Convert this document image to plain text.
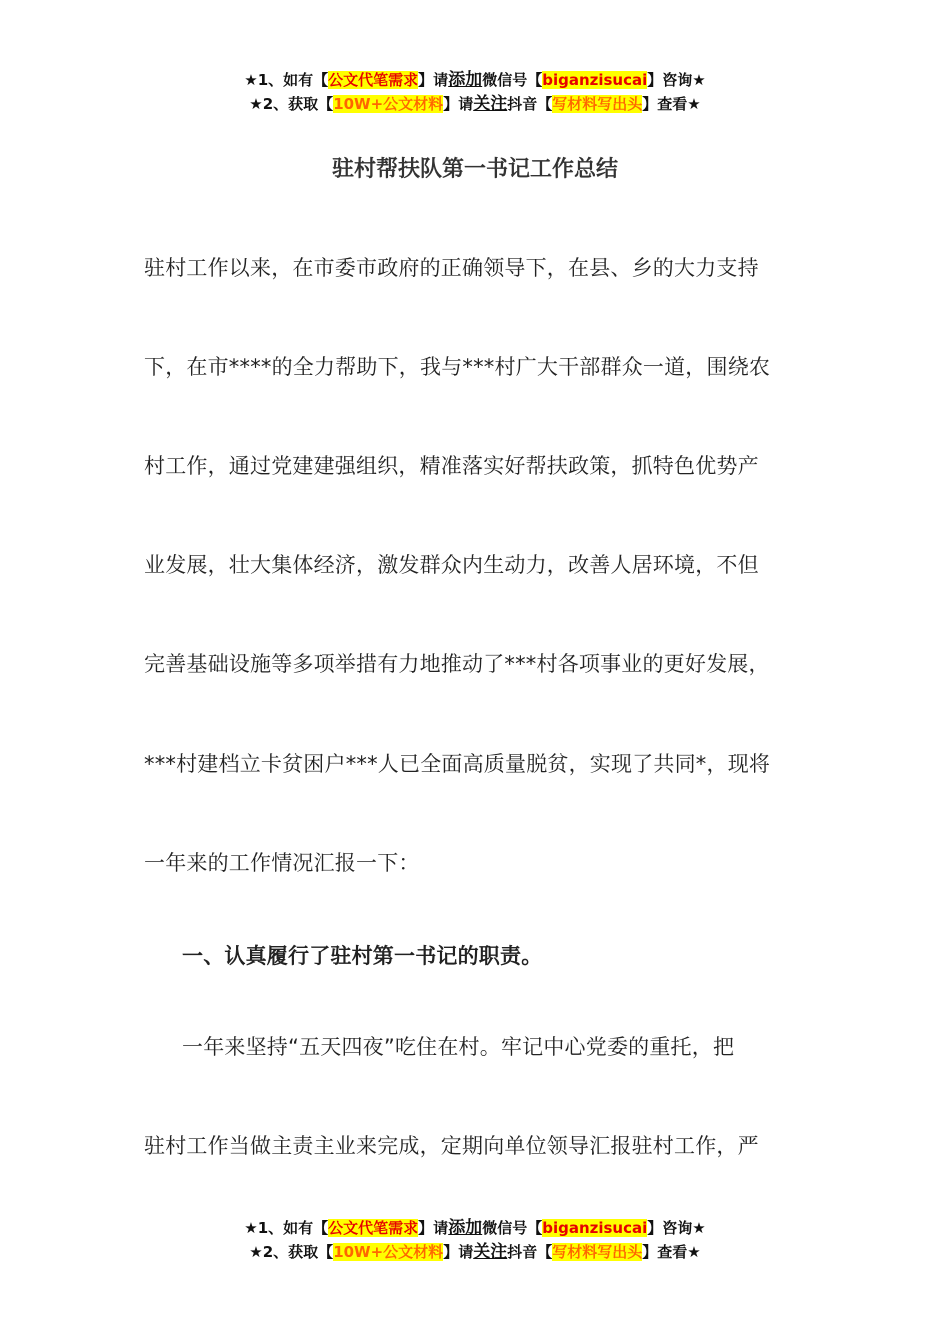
★1、如有【公文代笔需求】请添加微信号【biganzisucai】咨询★
★2、获取【10W+公文材料】请关注抖音【写材料写出头】查看★
驻村帮扶队第一书记工作总结
驻村工作以来，在市委市政府的正确领导下，在县、乡的大力支持
下，在市****的全力帮助下，我与***村广大干部群众一道，围绕农
村工作，通过党建建强组织，精准落实好帮扶政策，抓特色优势产
业发展，壮大集体经济，激发群众内生动力，改善人居环境，不但
完善基础设施等多项举措有力地推动了***村各项事业的更好发展，
***村建档立卡贫困户***人已全面高质量脱贫，实现了共同*，现将
一年来的工作情况汇报一下：
一、认真履行了驻村第一书记的职责。
一年来坚持“五天四夜”吃住在村。牢记中心党委的重托，把
驻村工作当做主责主业来完成，定期向单位领导汇报驻村工作，严
★1、如有【公文代笔需求】请添加微信号【biganzisucai】咨询★
★2、获取【10W+公文材料】请关注抖音【写材料写出头】查看★
